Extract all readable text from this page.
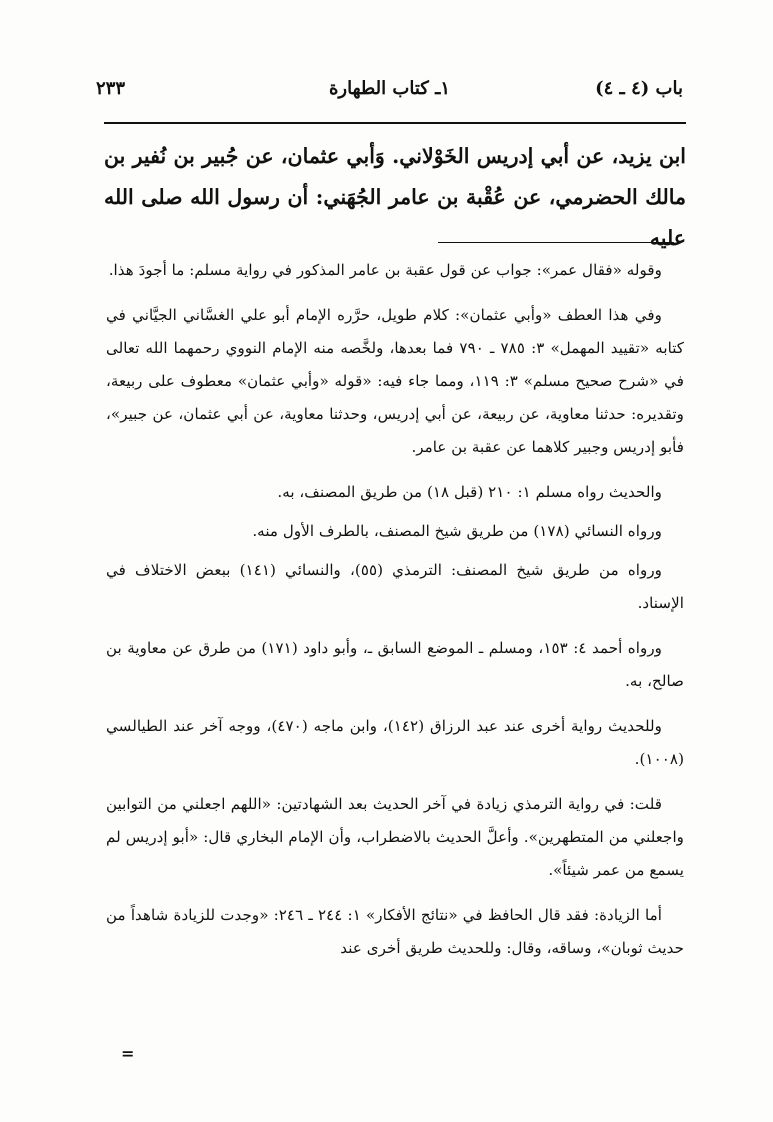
باب (٤ ـ ٤)
١ـ كتاب الطهارة
٢٣٣

ابن يزيد، عن أبي إدريس الخَوْلاني. وَأبي عثمان، عن جُبير بن نُفير بن مالك الحضرمي، عن عُقْبة بن عامر الجُهَني: أن رسول الله صلى الله عليه

وقوله «فقال عمر»: جواب عن قول عقبة بن عامر المذكور في رواية مسلم: ما أجودَ هذا.

وفي هذا العطف «وأبي عثمان»: كلام طويل، حرَّره الإمام أبو علي الغسَّاني الجيَّاني في كتابه «تقييد المهمل» ٣: ٧٨٥ ـ ٧٩٠ فما بعدها، ولخَّصه منه الإمام النووي رحمهما الله تعالى في «شرح صحيح مسلم» ٣: ١١٩، ومما جاء فيه: «قوله «وأبي عثمان» معطوف على ربيعة، وتقديره: حدثنا معاوية، عن ربيعة، عن أبي إدريس، وحدثنا معاوية، عن أبي عثمان، عن جبير»، فأبو إدريس وجبير كلاهما عن عقبة بن عامر.

والحديث رواه مسلم ١: ٢١٠ (قبل ١٨) من طريق المصنف، به.

ورواه النسائي (١٧٨) من طريق شيخ المصنف، بالطرف الأول منه.

ورواه من طريق شيخ المصنف: الترمذي (٥٥)، والنسائي (١٤١) ببعض الاختلاف في الإسناد.

ورواه أحمد ٤: ١٥٣، ومسلم ـ الموضع السابق ـ، وأبو داود (١٧١) من طرق عن معاوية بن صالح، به.

وللحديث رواية أخرى عند عبد الرزاق (١٤٢)، وابن ماجه (٤٧٠)، ووجه آخر عند الطيالسي (١٠٠٨).

قلت: في رواية الترمذي زيادة في آخر الحديث بعد الشهادتين: «اللهم اجعلني من التوابين واجعلني من المتطهرين». وأعلَّ الحديث بالاضطراب، وأن الإمام البخاري قال: «أبو إدريس لم يسمع من عمر شيئاً».

أما الزيادة: فقد قال الحافظ في «نتائج الأفكار» ١: ٢٤٤ ـ ٢٤٦: «وجدت للزيادة شاهداً من حديث ثوبان»، وساقه، وقال: وللحديث طريق أخرى عند

=
